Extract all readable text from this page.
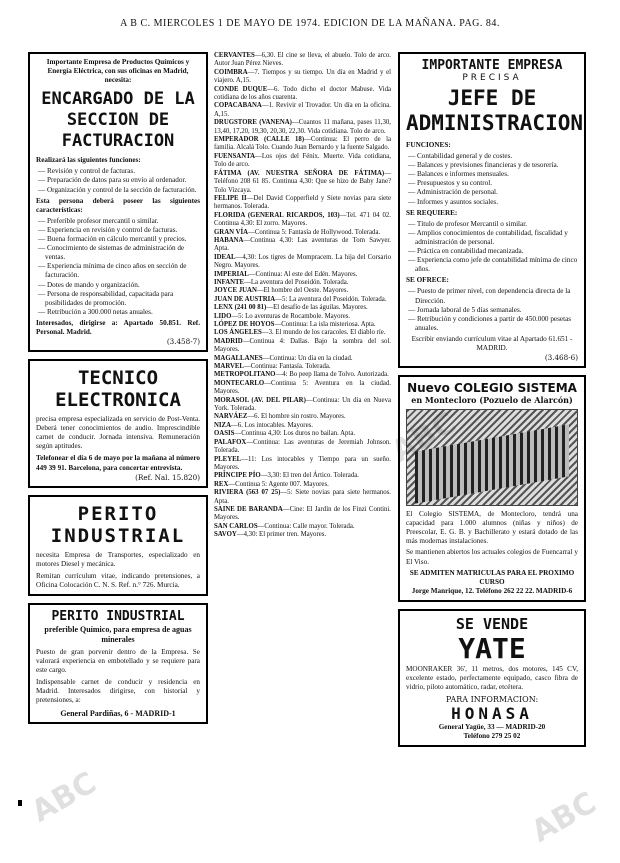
A B C. MIERCOLES 1 DE MAYO DE 1974. EDICION DE LA MAÑANA. PAG. 84.
Importante Empresa de Productos Químicos y Energía Eléctrica, con sus oficinas en Madrid, necesita:
ENCARGADO DE LA SECCION DE FACTURACION
Realizará las siguientes funciones:
— Revisión y control de facturas.
— Preparación de datos para su envío al ordenador.
— Organización y control de la sección de facturación.
Esta persona deberá poseer las siguientes características:
— Preferible profesor mercantil o similar.
— Experiencia en revisión y control de facturas.
— Buena formación en cálculo mercantil y precios.
— Conocimiento de sistemas de administración de ventas.
— Experiencia mínima de cinco años en sección de facturación.
— Dotes de mando y organización.
— Persona de responsabilidad, capacitada para posibilidades de promoción.
— Retribución a 300.000 netas anuales.
Interesados, dirigirse a: Apartado 50.851. Ref. Personal. Madrid.
(3.458-7)
TECNICO ELECTRONICA
precisa empresa especializada en servicio de Post-Venta. Deberá tener conocimientos de audio. Imprescindible carnet de conducir. Jornada intensiva. Remuneración según aptitudes.
Telefonear el día 6 de mayo por la mañana al número 449 39 91. Barcelona, para concertar entrevista.
(Ref. Nal. 15.820)
PERITO INDUSTRIAL
necesita Empresa de Transportes, especializado en motores Diesel y mecánica.
Remitan currículum vitae, indicando pretensiones, a Oficina Colocación C. N. S. Ref. n.° 726. Murcia.
PERITO INDUSTRIAL
preferible Químico, para empresa de aguas minerales
Puesto de gran porvenir dentro de la Empresa. Se valorará experiencia en embotellado y se requiere para este cargo.
Indispensable carnet de conducir y residencia en Madrid. Interesados dirigirse, con historial y pretensiones, a:
General Pardiñas, 6 - MADRID-1

CERVANTES—6,30. El cine se lleva, el abuelo. Tolo de arco. Autor Juan Pérez Nieves.

COIMBRA—7. Tiempos y su tiempo. Un día en Madrid y el viajero. A,15.

CONDE DUQUE—6. Todo dicho el doctor Mabuse. Vida cotidiana de los años cuarenta.

COPACABANA—1. Revivir el Trovador. Un día en la oficina. A,15.

DRUGSTORE (VANENA)—Cuantos 11 mañana, pases 11,30, 13,40, 17,20, 19,30, 20,30, 22,30. Vida cotidiana. Tolo de arco.

EMPERADOR (CALLE 18)—Continua: El perro de la familia. Alcalá Tolo. Cuando Juan Bernardo y la fuente Salgado.

FUENSANTA—Los ojos del Fénix. Muerte. Vida cotidiana, Tolo de arco.

FÁTIMA (AV. NUESTRA SEÑORA DE FÁTIMA)—Teléfono 208 61 85. Continua 4,30: Que se hizo de Baby Jane? Tolo Vizcaya.

FELIPE II—Del David Copperfield y Siete novias para siete hermanos. Tolerada.

FLORIDA (GENERAL RICARDOS, 103)—Tel. 471 04 02. Continua 4,30: El zorro. Mayores.

GRAN VÍA—Continua 5: Fantasía de Hollywood. Tolerada.

HABANA—Continua 4,30: Las aventuras de Tom Sawyer. Apta.

IDEAL—4,30: Los tigres de Mompracem. La hija del Corsario Negro. Mayores.

IMPERIAL—Continua: Al este del Edén. Mayores.

INFANTE—La aventura del Poseidón. Tolerada.

JOYCE JUAN—El hombre del Oeste. Mayores.

JUAN DE AUSTRIA—5: La aventura del Poseidón. Tolerada.

LENX (241 00 81)—El desafío de las águilas. Mayores.

LIDO—5: Lo aventuras de Rocambole. Mayores.

LÓPEZ DE HOYOS—Continua: La isla misteriosa. Apta.

LOS ÁNGELES—3. El mundo de los caracoles. El diablo ríe.

MADRID—Continua 4: Dallas. Bajo la sombra del sol. Mayores.

MAGALLANES—Continua: Un día en la ciudad.

MARVEL—Continua: Fantasía. Tolerada.

METROPOLITANO—4: Bo peep llama de Tolvo. Autorizada.

MONTECARLO—Continua 5: Aventura en la ciudad. Mayores.

MORASOL (AV. DEL PILAR)—Continua: Un día en Nueva York. Tolerada.

NARVÁEZ—6. El hombre sin rostro. Mayores.

NIZA—6. Los intocables. Mayores.

OASIS—Continua 4,30: Los duros no bailan. Apta.

PALAFOX—Continua: Las aventuras de Jeremiah Johnson. Tolerada.

PLEYEL—11: Los intocables y Tiempo para un sueño. Mayores.

PRÍNCIPE PÍO—3,30: El tren del Ártico. Tolerada.

REX—Continua 5: Agente 007. Mayores.

RIVIERA (563 07 25)—5: Siete novias para siete hermanos. Apta.

SAINE DE BARANDA—Cine: El Jardín de los Finzi Contini. Mayores.

SAN CARLOS—Continua: Calle mayor. Tolerada.

SAVOY—4,30: El primer tren. Mayores.

IMPORTANTE EMPRESA
PRECISA
JEFE DE ADMINISTRACION
FUNCIONES:
— Contabilidad general y de costes.
— Balances y previsiones financieras y de tesorería.
— Balances e informes mensuales.
— Presupuestos y su control.
— Administración de personal.
— Informes y asuntos sociales.
SE REQUIERE:
— Título de profesor Mercantil o similar.
— Amplios conocimientos de contabilidad, fiscalidad y administración de personal.
— Práctica en contabilidad mecanizada.
— Experiencia como jefe de contabilidad mínima de cinco años.
SE OFRECE:
— Puesto de primer nivel, con dependencia directa de la Dirección.
— Jornada laboral de 5 días semanales.
— Retribución y condiciones a partir de 450.000 pesetas anuales.
Escribir enviando currículum vitae al Apartado 61.651 - MADRID.
(3.468-6)
Nuevo COLEGIO SISTEMA
en Montecloro (Pozuelo de Alarcón)
El Colegio SISTEMA, de Montecloro, tendrá una capacidad para 1.000 alumnos (niñas y niños) de Preescolar, E. G. B. y Bachillerato y estará dotado de las más modernas instalaciones.
Se mantienen abiertos los actuales colegios de Fuencarral y El Viso.
SE ADMITEN MATRICULAS PARA EL PROXIMO CURSO
Jorge Manrique, 12. Teléfono 262 22 22. MADRID-6
SE VENDE
YATE
MOONRAKER 36', 11 metros, dos motores, 145 CV, excelente estado, perfectamente equipado, casco fibra de vidrio, piloto automático, radar, etcétera.
PARA INFORMACION:
HONASA
General Yagüe, 33 — MADRID-20
Teléfono 279 25 02
ABC
ABC	ABC
